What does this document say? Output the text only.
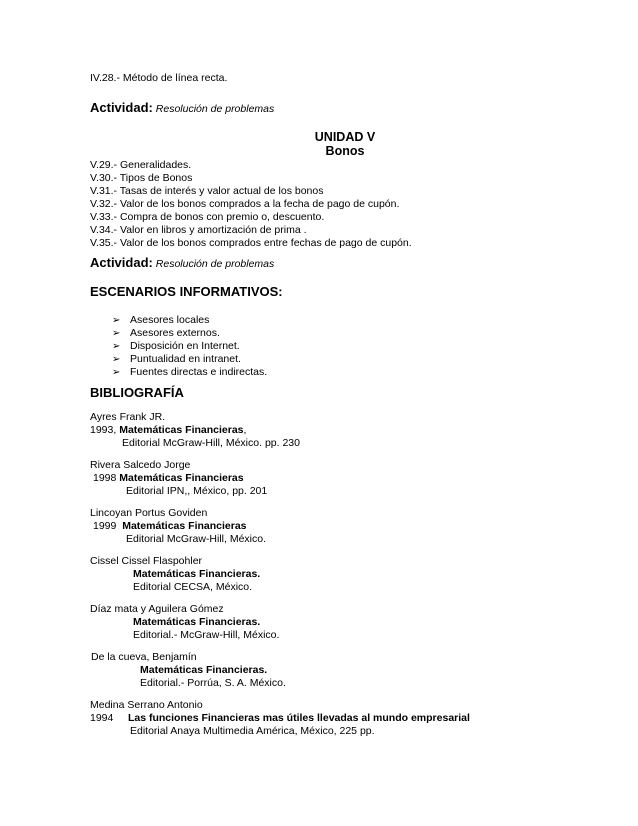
IV.28.- Método de línea recta.
Actividad: Resolución de problemas
UNIDAD V
Bonos
V.29.- Generalidades.
V.30.- Tipos de Bonos
V.31.- Tasas de interés y valor actual de los bonos
V.32.- Valor de los bonos comprados a la fecha de pago de cupón.
V.33.- Compra de bonos con premio o, descuento.
V.34.- Valor en libros y amortización de prima .
V.35.- Valor de los bonos comprados entre fechas de pago de cupón.
Actividad: Resolución de problemas
ESCENARIOS INFORMATIVOS:
➢ Asesores locales
➢ Asesores externos.
➢ Disposición en Internet.
➢ Puntualidad en intranet.
➢ Fuentes directas e indirectas.
BIBLIOGRAFÍA
Ayres Frank JR.
1993, Matemáticas Financieras,
Editorial McGraw-Hill, México. pp. 230
Rivera Salcedo Jorge
1998 Matemáticas Financieras
Editorial IPN,, México, pp. 201
Lincoyan Portus Goviden
1999 Matemáticas Financieras
Editorial McGraw-Hill, México.
Cissel Cissel Flaspohler
Matemáticas Financieras.
Editorial CECSA, México.
Díaz mata y Aguilera Gómez
Matemáticas Financieras.
Editorial.- McGraw-Hill, México.
De la cueva, Benjamín
Matemáticas Financieras.
Editorial.- Porrúa, S. A. México.
Medina Serrano Antonio
1994 Las funciones Financieras mas útiles llevadas al mundo empresarial
Editorial Anaya Multimedia América, México, 225 pp.
